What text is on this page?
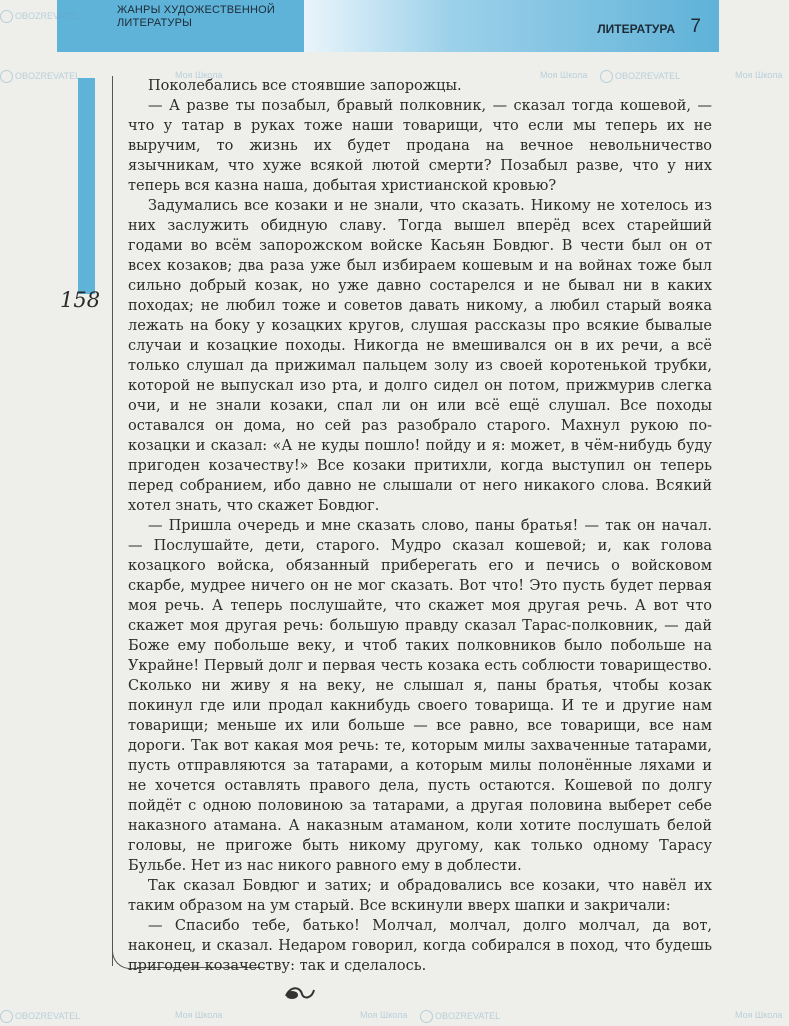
ЖАНРЫ ХУДОЖЕСТВЕННОЙ ЛИТЕРАТУРЫ	ЛИТЕРАТУРА 7
158

Поколебались все стоявшие запорожцы.

— А разве ты позабыл, бравый полковник, — сказал тогда кошевой, — что у татар в руках тоже наши товарищи, что если мы теперь их не выручим, то жизнь их будет продана на вечное невольничество язычникам, что хуже всякой лютой смерти? Позабыл разве, что у них теперь вся казна наша, добытая христианской кровью?

Задумались все козаки и не знали, что сказать. Никому не хотелось из них заслужить обидную славу. Тогда вышел вперёд всех старейший годами во всём запорожском войске Касьян Бовдюг. В чести был он от всех козаков; два раза уже был избираем кошевым и на войнах тоже был сильно добрый козак, но уже давно состарелся и не бывал ни в каких походах; не любил тоже и советов давать никому, а любил старый вояка лежать на боку у козацких кругов, слушая рассказы про всякие бывалые случаи и козацкие походы. Никогда не вмешивался он в их речи, а всё только слушал да прижимал пальцем золу из своей коротенькой трубки, которой не выпускал изо рта, и долго сидел он потом, прижмурив слегка очи, и не знали козаки, спал ли он или всё ещё слушал. Все походы оставался он дома, но сей раз разобрало старого. Махнул рукою по-козацки и сказал: «А не куды пошло! пойду и я: может, в чём-нибудь буду пригоден козачеству!» Все козаки притихли, когда выступил он теперь перед собранием, ибо давно не слышали от него никакого слова. Всякий хотел знать, что скажет Бовдюг.

— Пришла очередь и мне сказать слово, паны братья! — так он начал. — Послушайте, дети, старого. Мудро сказал кошевой; и, как голова козацкого войска, обязанный приберегать его и печись о войсковом скарбе, мудрее ничего он не мог сказать. Вот что! Это пусть будет первая моя речь. А теперь послушайте, что скажет моя другая речь. А вот что скажет моя другая речь: большую правду сказал Тарас-полковник, — дай Боже ему побольше веку, и чтоб таких полковников было побольше на Украйне! Первый долг и первая честь козака есть соблюсти товарищество. Сколько ни живу я на веку, не слышал я, паны братья, чтобы козак покинул где или продал какнибудь своего товарища. И те и другие нам товарищи; меньше их или больше — все равно, все товарищи, все нам дороги. Так вот какая моя речь: те, которым милы захваченные татарами, пусть отправляются за татарами, а которым милы полонённые ляхами и не хочется оставлять правого дела, пусть остаются. Кошевой по долгу пойдёт с одною половиною за татарами, а другая половина выберет себе наказного атамана. А наказным атаманом, коли хотите послушать белой головы, не пригоже быть никому другому, как только одному Тарасу Бульбе. Нет из нас никого равного ему в доблести.

Так сказал Бовдюг и затих; и обрадовались все козаки, что навёл их таким образом на ум старый. Все вскинули вверх шапки и закричали:

— Спасибо тебе, батько! Молчал, молчал, долго молчал, да вот, наконец, и сказал. Недаром говорил, когда собирался в поход, что будешь пригоден козачеству: так и сделалось.

OBOZREVATEL
OBOZREVATEL	Моя Школа	Моя Школа	OBOZREVATEL	Моя Школа
OBOZREVATEL	Моя Школа	Моя Школа	OBOZREVATEL	Моя Школа
